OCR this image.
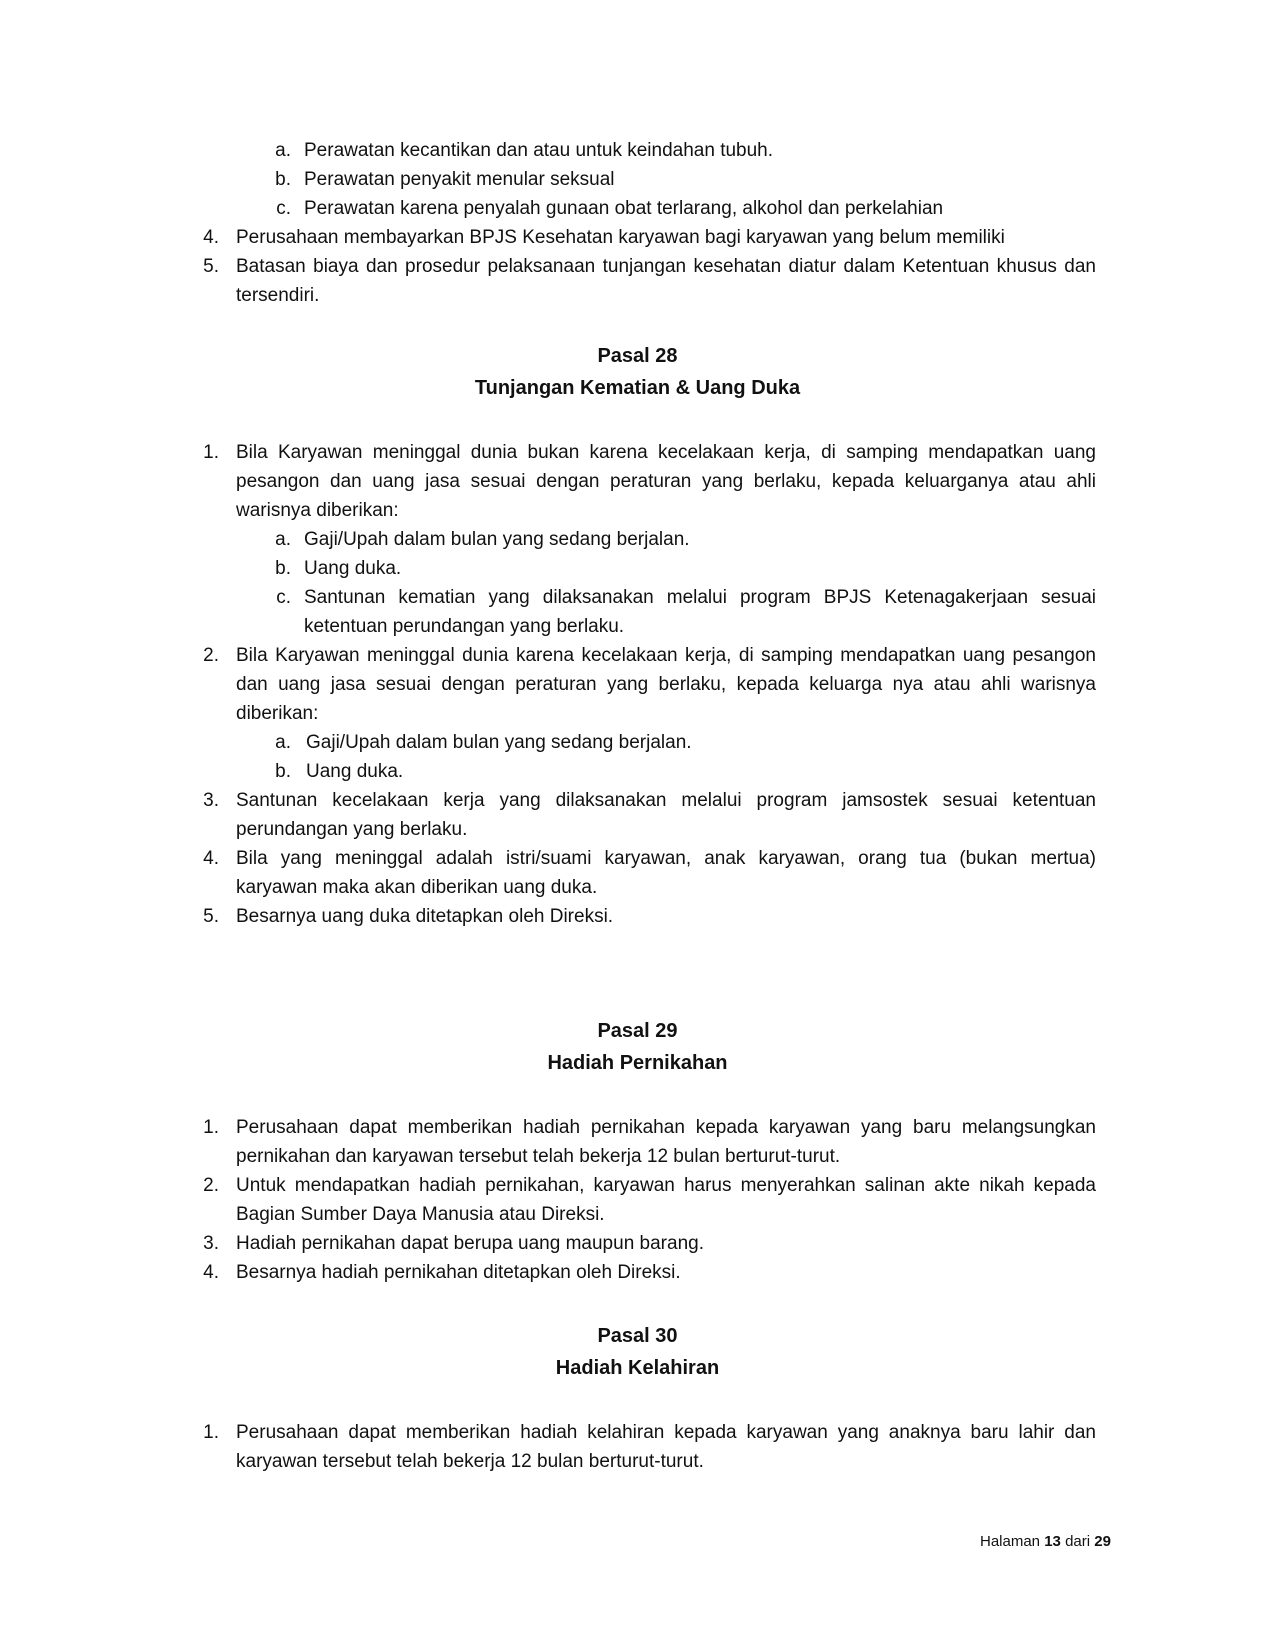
a. Perawatan kecantikan dan atau untuk keindahan tubuh.
b. Perawatan penyakit menular seksual
c. Perawatan karena penyalah gunaan obat terlarang, alkohol dan perkelahian
4. Perusahaan membayarkan BPJS Kesehatan karyawan bagi karyawan yang belum memiliki
5. Batasan biaya dan prosedur pelaksanaan tunjangan kesehatan diatur dalam Ketentuan khusus dan
tersendiri.
Pasal 28
Tunjangan Kematian & Uang Duka
1. Bila Karyawan meninggal dunia bukan karena kecelakaan kerja, di samping mendapatkan uang
pesangon dan uang jasa sesuai dengan peraturan yang berlaku, kepada keluarganya atau ahli
warisnya diberikan:
a. Gaji/Upah dalam bulan yang sedang berjalan.
b. Uang duka.
c. Santunan kematian yang dilaksanakan melalui program BPJS Ketenagakerjaan sesuai
ketentuan perundangan yang berlaku.
2. Bila Karyawan meninggal dunia karena kecelakaan kerja, di samping mendapatkan uang pesangon
dan uang jasa sesuai dengan peraturan yang berlaku, kepada keluarga nya atau ahli warisnya
diberikan:
a. Gaji/Upah dalam bulan yang sedang berjalan.
b. Uang duka.
3. Santunan kecelakaan kerja yang dilaksanakan melalui program jamsostek sesuai ketentuan
perundangan yang berlaku.
4. Bila yang meninggal adalah istri/suami karyawan, anak karyawan, orang tua (bukan mertua)
karyawan maka akan diberikan uang duka.
5. Besarnya uang duka ditetapkan oleh Direksi.
Pasal 29
Hadiah Pernikahan
1. Perusahaan dapat memberikan hadiah pernikahan kepada karyawan yang baru melangsungkan
pernikahan dan karyawan tersebut telah bekerja 12 bulan berturut-turut.
2. Untuk mendapatkan hadiah pernikahan, karyawan harus menyerahkan salinan akte nikah kepada
Bagian Sumber Daya Manusia atau Direksi.
3. Hadiah pernikahan dapat berupa uang maupun barang.
4. Besarnya hadiah pernikahan ditetapkan oleh Direksi.
Pasal 30
Hadiah Kelahiran
1. Perusahaan dapat memberikan hadiah kelahiran kepada karyawan yang anaknya baru lahir dan
karyawan tersebut telah bekerja 12 bulan berturut-turut.
Halaman 13 dari 29
